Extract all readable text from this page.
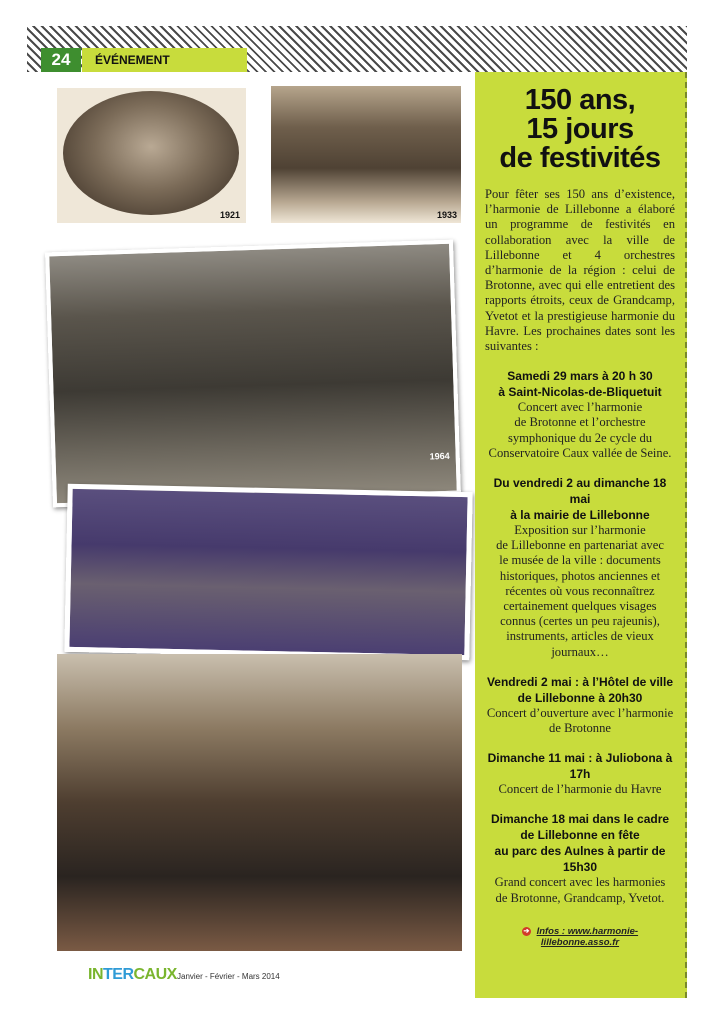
24	ÉVÉNEMENT
1921	1933
1964
150 ans,
15 jours
de festivités

Pour fêter ses 150 ans d’existence, l’harmonie de Lillebonne a élaboré un programme de festivités en collaboration avec la ville de Lillebonne et 4 orchestres d’harmonie de la région : celui de Brotonne, avec qui elle entretient des rapports étroits, ceux de Grandcamp, Yvetot et la prestigieuse harmonie du Havre. Les prochaines dates sont les suivantes :

Samedi 29 mars à 20 h 30
à Saint-Nicolas-de-Bliquetuit
Concert avec l’harmonie
de Brotonne et l’orchestre
symphonique du 2e cycle du
Conservatoire Caux vallée de Seine.
Du vendredi 2 au dimanche 18 mai
à la mairie de Lillebonne
Exposition sur l’harmonie
de Lillebonne en partenariat avec
le musée de la ville : documents
historiques, photos anciennes et
récentes où vous reconnaîtrez
certainement quelques visages
connus (certes un peu rajeunis),
instruments, articles de vieux
journaux…
Vendredi 2 mai : à l’Hôtel de ville
de Lillebonne à 20h30
Concert d’ouverture avec l’harmonie
de Brotonne
Dimanche 11 mai : à Juliobona à 17h
Concert de l’harmonie du Havre
Dimanche 18 mai dans le cadre
de Lillebonne en fête
au parc des Aulnes à partir de 15h30
Grand concert avec les harmonies
de Brotonne, Grandcamp, Yvetot.
➔ Infos : www.harmonie-lillebonne.asso.fr
INTERCAUX Janvier - Février - Mars 2014
